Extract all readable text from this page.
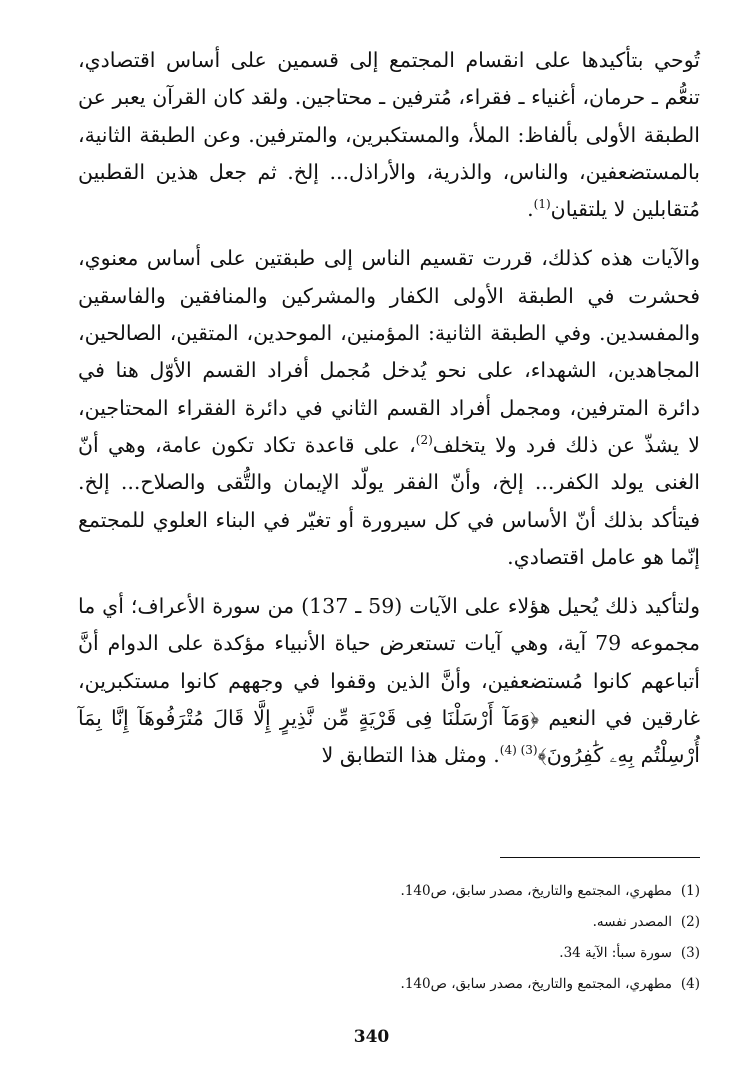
تُوحي بتأكيدها على انقسام المجتمع إلى قسمين على أساس اقتصادي، تنعُّم ـ حرمان، أغنياء ـ فقراء، مُترفين ـ محتاجين. ولقد كان القرآن يعبر عن الطبقة الأولى بألفاظ: الملأ، والمستكبرين، والمترفين. وعن الطبقة الثانية، بالمستضعفين، والناس، والذرية، والأراذل... إلخ. ثم جعل هذين القطبين مُتقابلين لا يلتقيان$^{(1)}$.

والآيات هذه كذلك، قررت تقسيم الناس إلى طبقتين على أساس معنوي، فحشرت في الطبقة الأولى الكفار والمشركين والمنافقين والفاسقين والمفسدين. وفي الطبقة الثانية: المؤمنين، الموحدين، المتقين، الصالحين، المجاهدين، الشهداء، على نحو يُدخل مُجمل أفراد القسم الأوّل هنا في دائرة المترفين، ومجمل أفراد القسم الثاني في دائرة الفقراء المحتاجين، لا يشذّ عن ذلك فرد ولا يتخلف$^{(2)}$، على قاعدة تكاد تكون عامة، وهي أنّ الغنى يولد الكفر... إلخ، وأنّ الفقر يولّد الإيمان والتُّقى والصلاح... إلخ. فيتأكد بذلك أنّ الأساس في كل سيرورة أو تغيّر في البناء العلوي للمجتمع إنّما هو عامل اقتصادي.

ولتأكيد ذلك يُحيل هؤلاء على الآيات (59 ـ 137) من سورة الأعراف؛ أي ما مجموعه 79 آية، وهي آيات تستعرض حياة الأنبياء مؤكدة على الدوام أنَّ أتباعهم كانوا مُستضعفين، وأنَّ الذين وقفوا في وجههم كانوا مستكبرين، غارقين في النعيم ﴿وَمَآ أَرْسَلْنَا فِى قَرْيَةٍ مِّن نَّذِيرٍ إِلَّا قَالَ مُتْرَفُوهَآ إِنَّا بِمَآ أُرْسِلْتُم بِهِۦ كَٰفِرُونَ﴾$^{(3) (4)}$. ومثل هذا التطابق لا

(1)مطهري، المجتمع والتاريخ، مصدر سابق، ص140.
(2)المصدر نفسه.
(3)سورة سبأ: الآية 34.
(4)مطهري، المجتمع والتاريخ، مصدر سابق، ص140.
340
